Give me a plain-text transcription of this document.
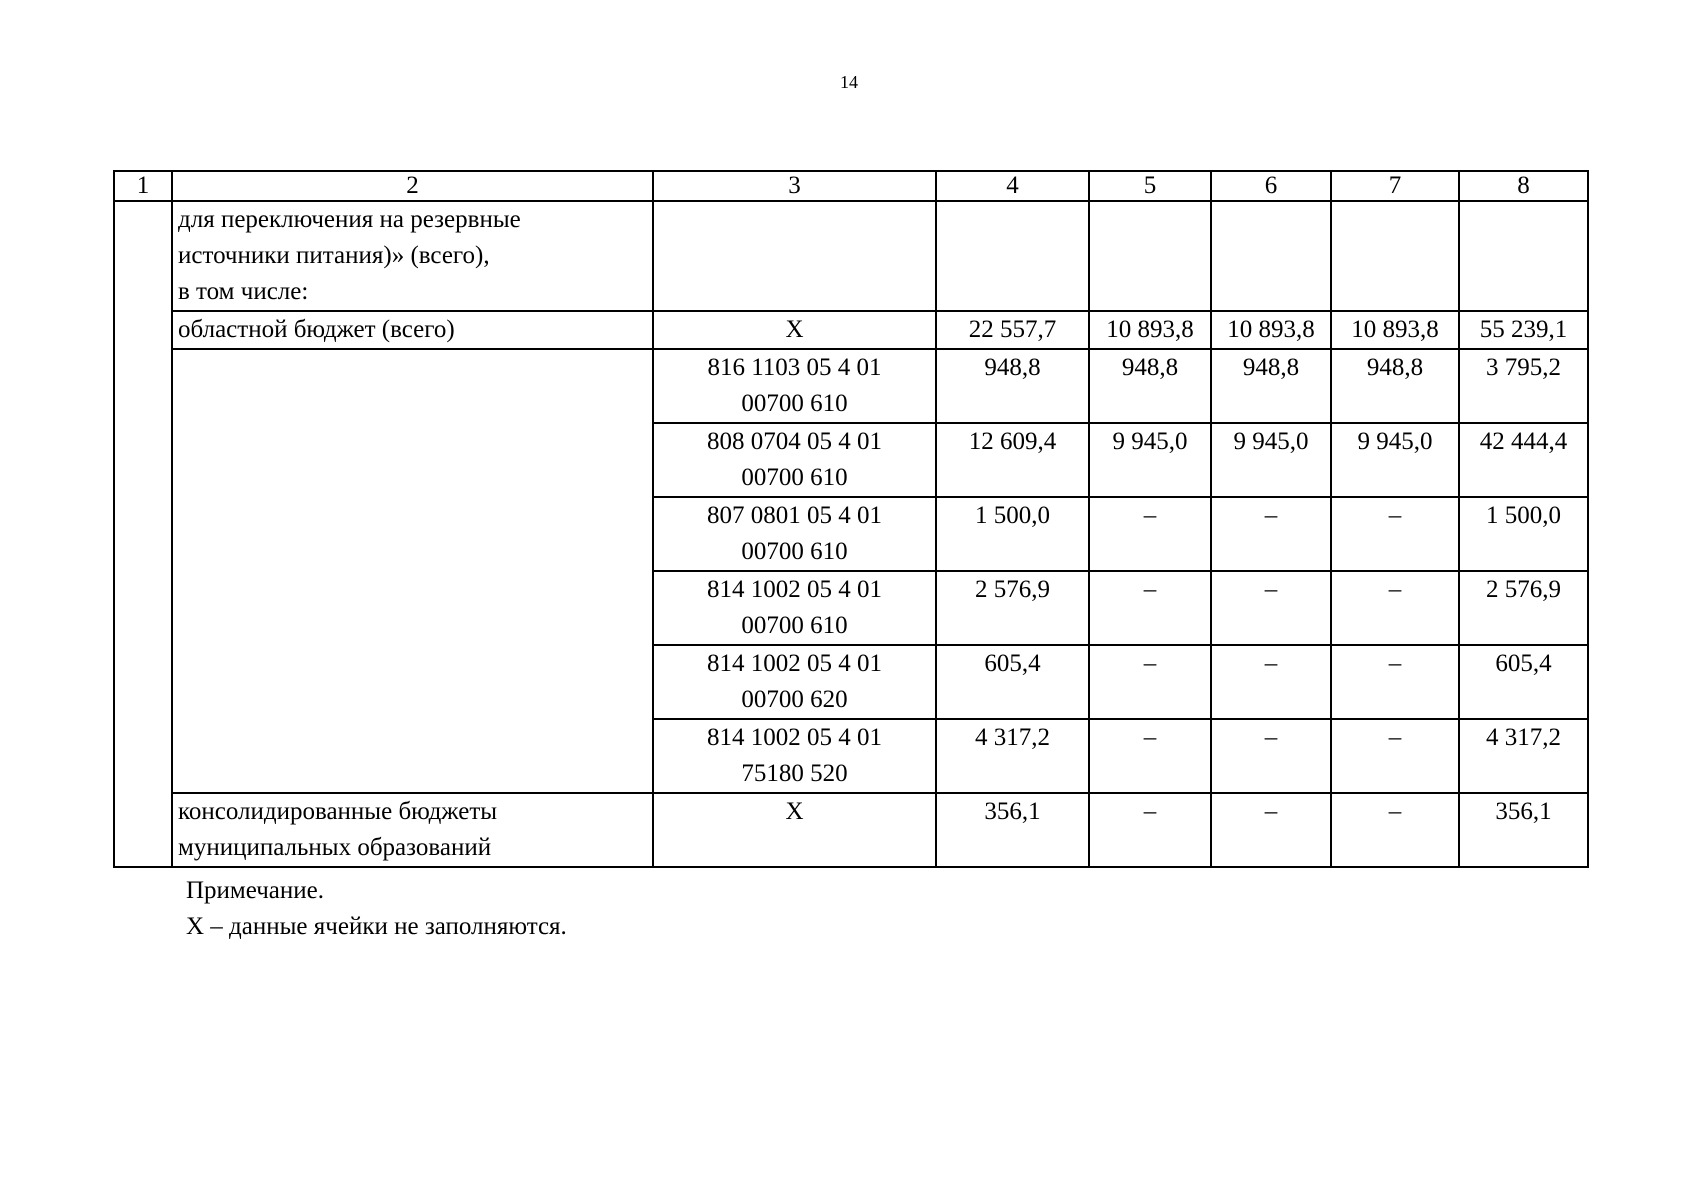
14
1	2	3	4	5	6	7	8

	для переключения на резервные
источники питания)» (всего),
в том числе:						

	областной бюджет (всего)	X	22 557,7	10 893,8	10 893,8	10 893,8	55 239,1

		816 1103 05 4 01
00700 610	948,8	948,8	948,8	948,8	3 795,2

		808 0704 05 4 01
00700 610	12 609,4	9 945,0	9 945,0	9 945,0	42 444,4

		807 0801 05 4 01
00700 610	1 500,0	–	–	–	1 500,0

		814 1002 05 4 01
00700 610	2 576,9	–	–	–	2 576,9

		814 1002 05 4 01
00700 620	605,4	–	–	–	605,4

		814 1002 05 4 01
75180 520	4 317,2	–	–	–	4 317,2

	консолидированные бюджеты
муниципальных образований	X	356,1	–	–	–	356,1
Примечание.
X – данные ячейки не заполняются.
